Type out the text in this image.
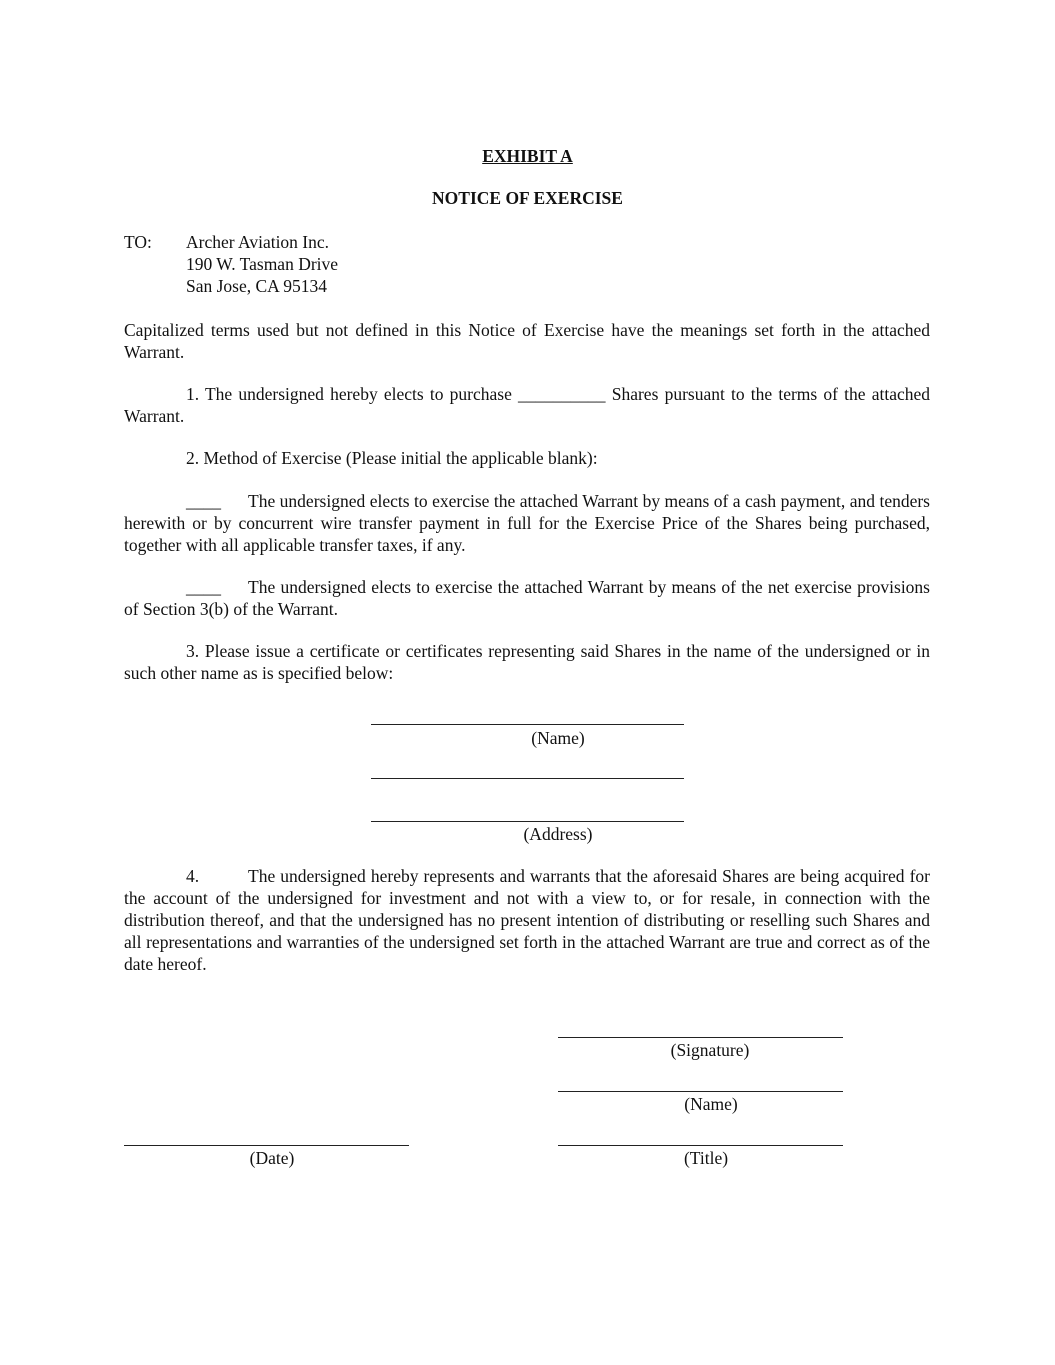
EXHIBIT A
NOTICE OF EXERCISE
TO: Archer Aviation Inc.
190 W. Tasman Drive
San Jose, CA 95134
Capitalized terms used but not defined in this Notice of Exercise have the meanings set forth in the attached Warrant.
1. The undersigned hereby elects to purchase __________ Shares pursuant to the terms of the attached Warrant.
2. Method of Exercise (Please initial the applicable blank):
____ The undersigned elects to exercise the attached Warrant by means of a cash payment, and tenders herewith or by concurrent wire transfer payment in full for the Exercise Price of the Shares being purchased, together with all applicable transfer taxes, if any.
____ The undersigned elects to exercise the attached Warrant by means of the net exercise provisions of Section 3(b) of the Warrant.
3. Please issue a certificate or certificates representing said Shares in the name of the undersigned or in such other name as is specified below:
(Name)
(Address)
4.	The undersigned hereby represents and warrants that the aforesaid Shares are being acquired for the account of the undersigned for investment and not with a view to, or for resale, in connection with the distribution thereof, and that the undersigned has no present intention of distributing or reselling such Shares and all representations and warranties of the undersigned set forth in the attached Warrant are true and correct as of the date hereof.
(Signature)
(Name)
(Date)	(Title)
